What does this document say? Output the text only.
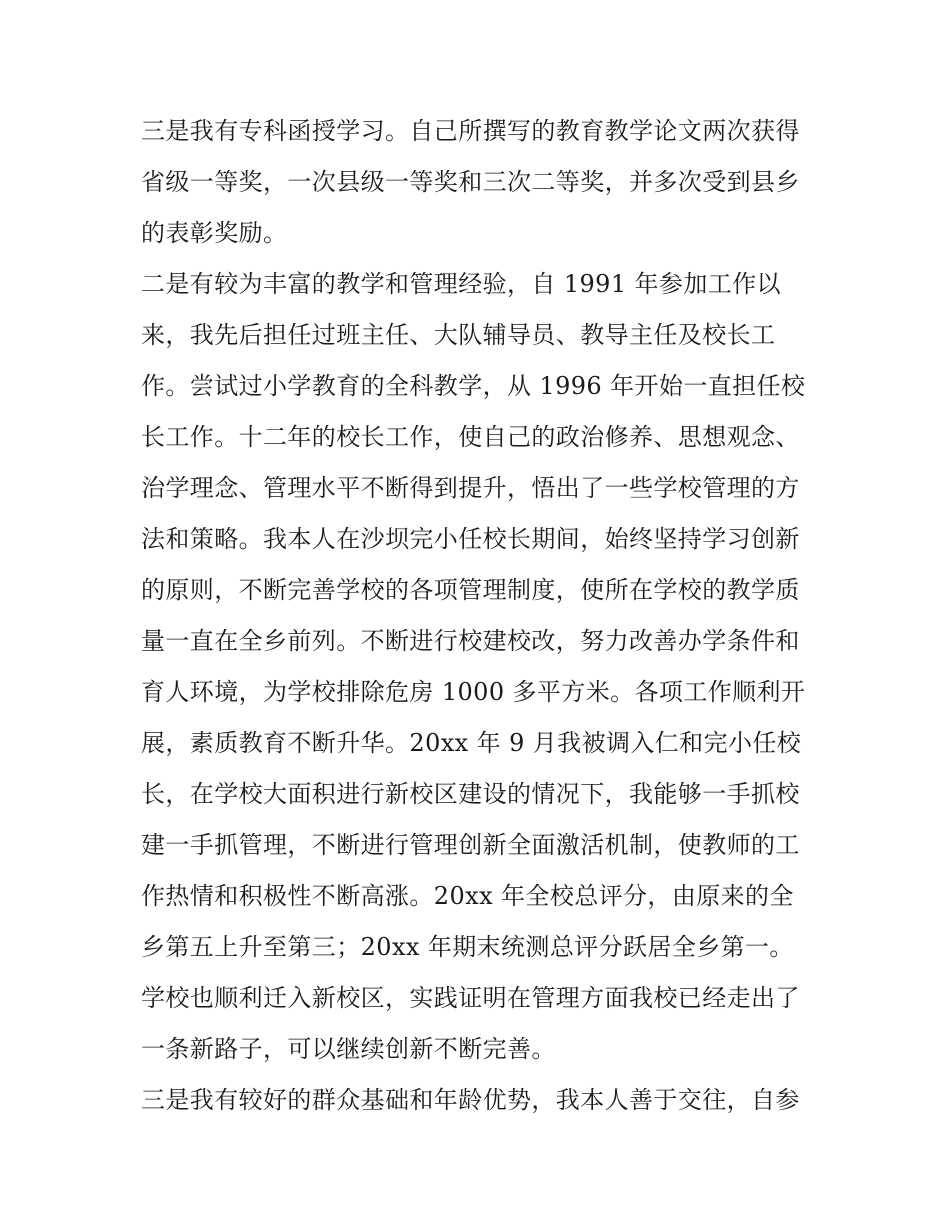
三是我有专科函授学习。自己所撰写的教育教学论文两次获得

省级一等奖，一次县级一等奖和三次二等奖，并多次受到县乡

的表彰奖励。

二是有较为丰富的教学和管理经验，自 1991 年参加工作以

来，我先后担任过班主任、大队辅导员、教导主任及校长工

作。尝试过小学教育的全科教学，从 1996 年开始一直担任校

长工作。十二年的校长工作，使自己的政治修养、思想观念、

治学理念、管理水平不断得到提升，悟出了一些学校管理的方

法和策略。我本人在沙坝完小任校长期间，始终坚持学习创新

的原则，不断完善学校的各项管理制度，使所在学校的教学质

量一直在全乡前列。不断进行校建校改，努力改善办学条件和

育人环境，为学校排除危房 1000 多平方米。各项工作顺利开

展，素质教育不断升华。20xx 年 9 月我被调入仁和完小任校

长，在学校大面积进行新校区建设的情况下，我能够一手抓校

建一手抓管理，不断进行管理创新全面激活机制，使教师的工

作热情和积极性不断高涨。20xx 年全校总评分，由原来的全

乡第五上升至第三；20xx 年期末统测总评分跃居全乡第一。

学校也顺利迁入新校区，实践证明在管理方面我校已经走出了

一条新路子，可以继续创新不断完善。

三是我有较好的群众基础和年龄优势，我本人善于交往，自参
